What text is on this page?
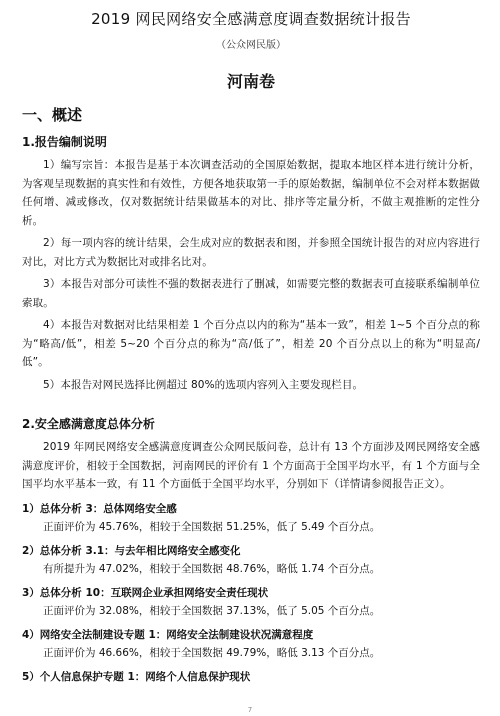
2019 网民网络安全感满意度调查数据统计报告
（公众网民版）
河南卷
一、概述
1.报告编制说明

1）编写宗旨：本报告是基于本次调查活动的全国原始数据，提取本地区样本进行统计分析，为客观呈现数据的真实性和有效性，方便各地获取第一手的原始数据，编制单位不会对样本数据做任何增、减或修改，仅对数据统计结果做基本的对比、排序等定量分析，不做主观推断的定性分析。

2）每一项内容的统计结果，会生成对应的数据表和图，并参照全国统计报告的对应内容进行对比，对比方式为数据比对或排名比对。

3）本报告对部分可读性不强的数据表进行了删减，如需要完整的数据表可直接联系编制单位索取。

4）本报告对数据对比结果相差 1 个百分点以内的称为“基本一致”，相差 1~5 个百分点的称为“略高/低”，相差 5~20 个百分点的称为“高/低了”，相差 20 个百分点以上的称为“明显高/低”。

5）本报告对网民选择比例超过 80%的选项内容列入主要发现栏目。

2.安全感满意度总体分析

2019 年网民网络安全感满意度调查公众网民版问卷，总计有 13 个方面涉及网民网络安全感满意度评价，相较于全国数据，河南网民的评价有 1 个方面高于全国平均水平，有 1 个方面与全国平均水平基本一致，有 11 个方面低于全国平均水平，分别如下（详情请参阅报告正文）。

1）总体分析 3：总体网络安全感
正面评价为 45.76%，相较于全国数据 51.25%，低了 5.49 个百分点。
2）总体分析 3.1：与去年相比网络安全感变化
有所提升为 47.02%，相较于全国数据 48.76%，略低 1.74 个百分点。
3）总体分析 10：互联网企业承担网络安全责任现状
正面评价为 32.08%，相较于全国数据 37.13%，低了 5.05 个百分点。
4）网络安全法制建设专题 1：网络安全法制建设状况满意程度
正面评价为 46.66%，相较于全国数据 49.79%，略低 3.13 个百分点。
5）个人信息保护专题 1：网络个人信息保护现状
7
